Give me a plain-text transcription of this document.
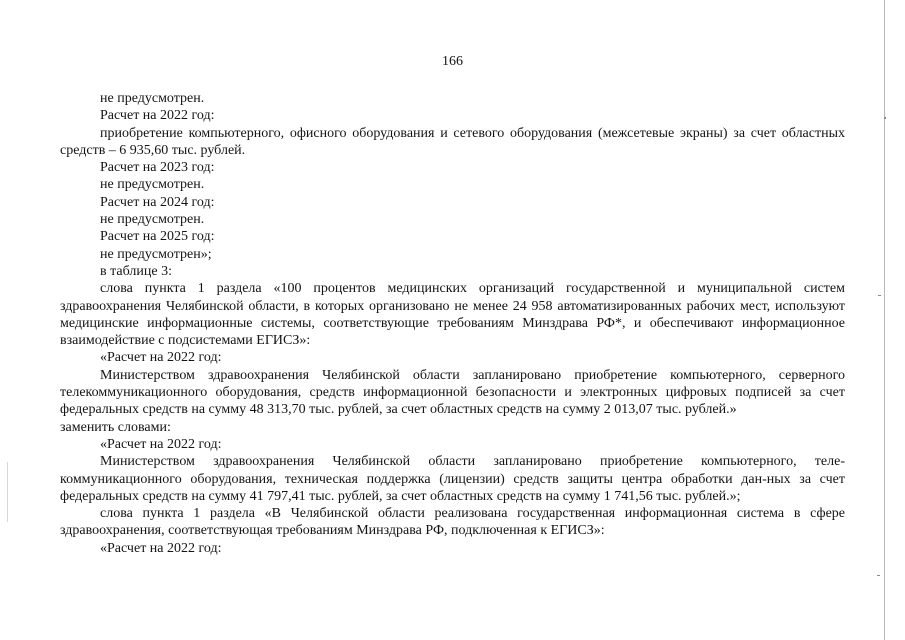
166

не предусмотрен.

Расчет на 2022 год:

приобретение компьютерного, офисного оборудования и сетевого оборудования (межсетевые экраны) за счет областных средств – 6 935,60 тыс. рублей.

Расчет на 2023 год:

не предусмотрен.

Расчет на 2024 год:

не предусмотрен.

Расчет на 2025 год:

не предусмотрен»;

в таблице 3:

слова пункта 1 раздела «100 процентов медицинских организаций государственной и муниципальной систем здравоохранения Челябинской области, в которых организовано не менее 24 958 автоматизированных рабочих мест, используют медицинские информационные системы, соответствующие требованиям Минздрава РФ*, и обеспечивают информационное взаимодействие с подсистемами ЕГИСЗ»:

«Расчет на 2022 год:

Министерством здравоохранения Челябинской области запланировано приобретение компьютерного, серверного телекоммуникационного оборудования, средств информационной безопасности и электронных цифровых подписей за счет федеральных средств на сумму 48 313,70 тыс. рублей, за счет областных средств на сумму 2 013,07 тыс. рублей.»

заменить словами:

«Расчет на 2022 год:

Министерством здравоохранения Челябинской области запланировано приобретение компьютерного, теле-коммуникационного оборудования, техническая поддержка (лицензии) средств защиты центра обработки дан-ных за счет федеральных средств на сумму 41 797,41 тыс. рублей, за счет областных средств на сумму 1 741,56 тыс. рублей.»;

слова пункта 1 раздела «В Челябинской области реализована государственная информационная система в сфере здравоохранения, соответствующая требованиям Минздрава РФ, подключенная к ЕГИСЗ»:

«Расчет на 2022 год:
